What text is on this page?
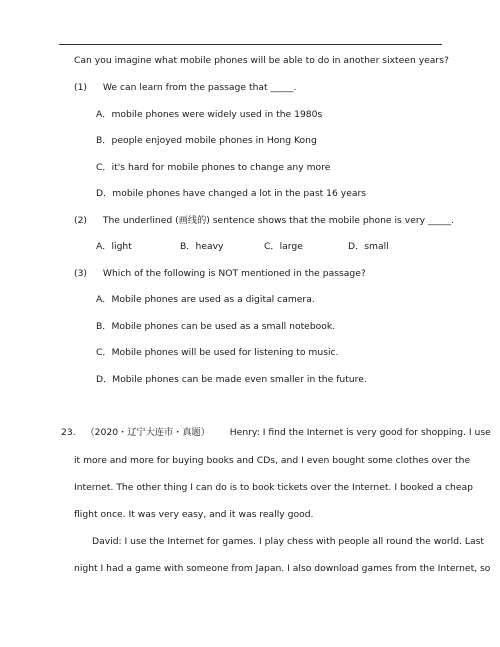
Can you imagine what mobile phones will be able to do in another sixteen years?
(1) We can learn from the passage that _____.
A．mobile phones were widely used in the 1980s
B．people enjoyed mobile phones in Hong Kong
C．it's hard for mobile phones to change any more
D．mobile phones have changed a lot in the past 16 years
(2) The underlined (画线的) sentence shows that the mobile phone is very _____.
A．light	B．heavy	C．large	D．small
(3) Which of the following is NOT mentioned in the passage?
A．Mobile phones are used as a digital camera.
B．Mobile phones can be used as a small notebook.
C．Mobile phones will be used for listening to music.
D．Mobile phones can be made even smaller in the future.
23. （2020・辽宁大连市・真题） Henry: I find the Internet is very good for shopping. I use
it more and more for buying books and CDs, and I even bought some clothes over the
Internet. The other thing I can do is to book tickets over the Internet. I booked a cheap
flight once. It was very easy, and it was really good.
David: I use the Internet for games. I play chess with people all round the world. Last
night I had a game with someone from Japan. I also download games from the Internet, so
